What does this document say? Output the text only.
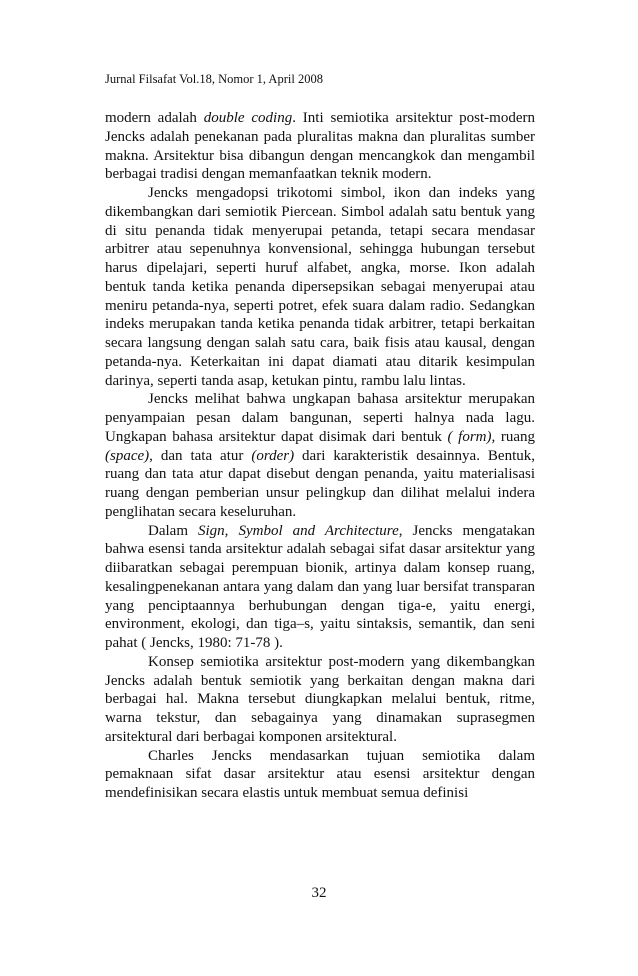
Jurnal Filsafat Vol.18, Nomor 1, April 2008

modern adalah double coding. Inti semiotika arsitektur post-modern Jencks adalah penekanan pada pluralitas makna dan pluralitas sumber makna. Arsitektur bisa dibangun dengan mencangkok dan mengambil berbagai tradisi dengan memanfaatkan teknik modern.

Jencks mengadopsi trikotomi simbol, ikon dan indeks yang dikembangkan dari semiotik Piercean. Simbol adalah satu bentuk yang di situ penanda tidak menyerupai petanda, tetapi secara mendasar arbitrer atau sepenuhnya konvensional, sehingga hubungan tersebut harus dipelajari, seperti huruf alfabet, angka, morse. Ikon adalah bentuk tanda ketika penanda dipersepsikan sebagai menyerupai atau meniru petanda-nya, seperti potret, efek suara dalam radio. Sedangkan indeks merupakan tanda ketika penanda tidak arbitrer, tetapi berkaitan secara langsung dengan salah satu cara, baik fisis atau kausal, dengan petanda-nya. Keterkaitan ini dapat diamati atau ditarik kesimpulan darinya, seperti tanda asap, ketukan pintu, rambu lalu lintas.

Jencks melihat bahwa ungkapan bahasa arsitektur merupakan penyampaian pesan dalam bangunan, seperti halnya nada lagu. Ungkapan bahasa arsitektur dapat disimak dari bentuk ( form), ruang (space), dan tata atur (order) dari karakteristik desainnya. Bentuk, ruang dan tata atur dapat disebut dengan penanda, yaitu materialisasi ruang dengan pemberian unsur pelingkup dan dilihat melalui indera penglihatan secara keseluruhan.

Dalam Sign, Symbol and Architecture, Jencks mengatakan bahwa esensi tanda arsitektur adalah sebagai sifat dasar arsitektur yang diibaratkan sebagai perempuan bionik, artinya dalam konsep ruang, kesalingpenekanan antara yang dalam dan yang luar bersifat transparan yang penciptaannya berhubungan dengan tiga-e, yaitu energi, environment, ekologi, dan tiga–s, yaitu sintaksis, semantik, dan seni pahat ( Jencks, 1980: 71-78 ).

Konsep semiotika arsitektur post-modern yang dikembangkan Jencks adalah bentuk semiotik yang berkaitan dengan makna dari berbagai hal. Makna tersebut diungkapkan melalui bentuk, ritme, warna tekstur, dan sebagainya yang dinamakan suprasegmen arsitektural dari berbagai komponen arsitektural.

Charles Jencks mendasarkan tujuan semiotika dalam pemaknaan sifat dasar arsitektur atau esensi arsitektur dengan mendefinisikan secara elastis untuk membuat semua definisi

32
